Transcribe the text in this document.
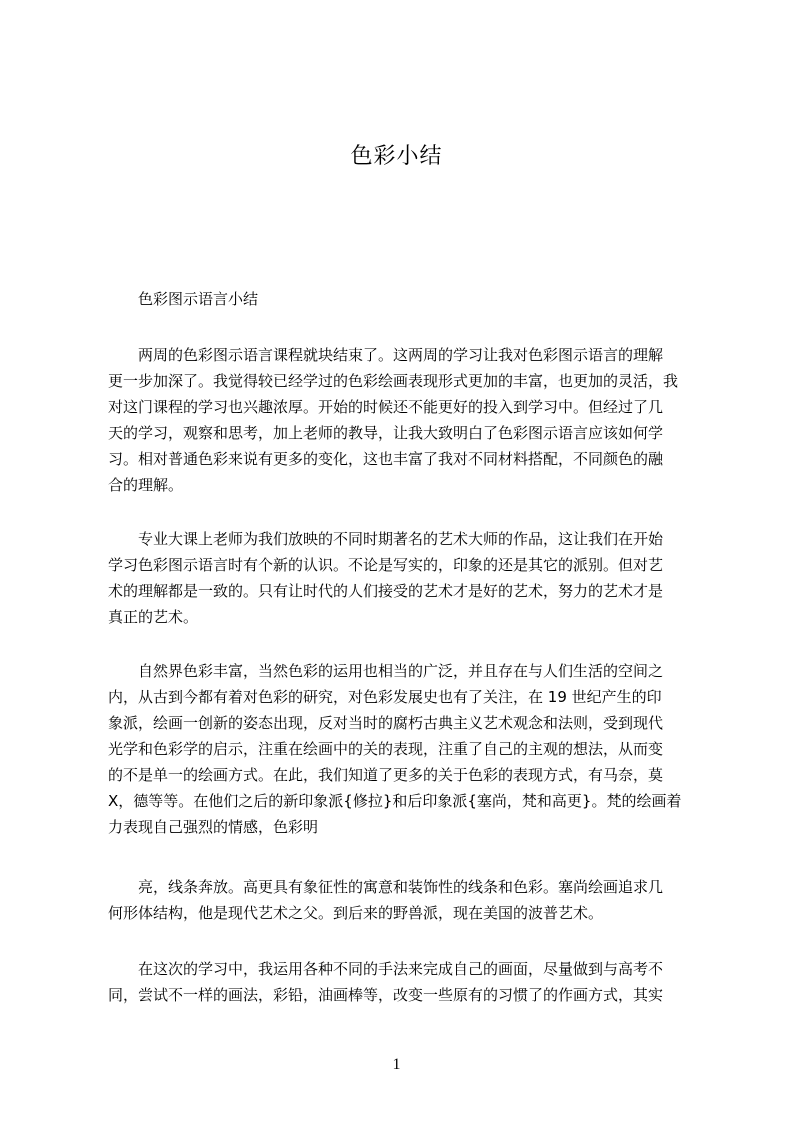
色彩小结
色彩图示语言小结
两周的色彩图示语言课程就块结束了。这两周的学习让我对色彩图示语言的理解
更一步加深了。我觉得较已经学过的色彩绘画表现形式更加的丰富，也更加的灵活，我
对这门课程的学习也兴趣浓厚。开始的时候还不能更好的投入到学习中。但经过了几
天的学习，观察和思考，加上老师的教导，让我大致明白了色彩图示语言应该如何学
习。相对普通色彩来说有更多的变化，这也丰富了我对不同材料搭配，不同颜色的融
合的理解。
专业大课上老师为我们放映的不同时期著名的艺术大师的作品，这让我们在开始
学习色彩图示语言时有个新的认识。不论是写实的，印象的还是其它的派别。但对艺
术的理解都是一致的。只有让时代的人们接受的艺术才是好的艺术，努力的艺术才是
真正的艺术。
自然界色彩丰富，当然色彩的运用也相当的广泛，并且存在与人们生活的空间之
内，从古到今都有着对色彩的研究，对色彩发展史也有了关注，在 19 世纪产生的印
象派，绘画一创新的姿态出现，反对当时的腐朽古典主义艺术观念和法则，受到现代
光学和色彩学的启示，注重在绘画中的关的表现，注重了自己的主观的想法，从而变
的不是单一的绘画方式。在此，我们知道了更多的关于色彩的表现方式，有马奈，莫
X，德等等。在他们之后的新印象派{修拉}和后印象派{塞尚，梵和高更}。梵的绘画着
力表现自己强烈的情感，色彩明
亮，线条奔放。高更具有象征性的寓意和装饰性的线条和色彩。塞尚绘画追求几
何形体结构，他是现代艺术之父。到后来的野兽派，现在美国的波普艺术。
在这次的学习中，我运用各种不同的手法来完成自己的画面，尽量做到与高考不
同，尝试不一样的画法，彩铅，油画棒等，改变一些原有的习惯了的作画方式，其实
1
